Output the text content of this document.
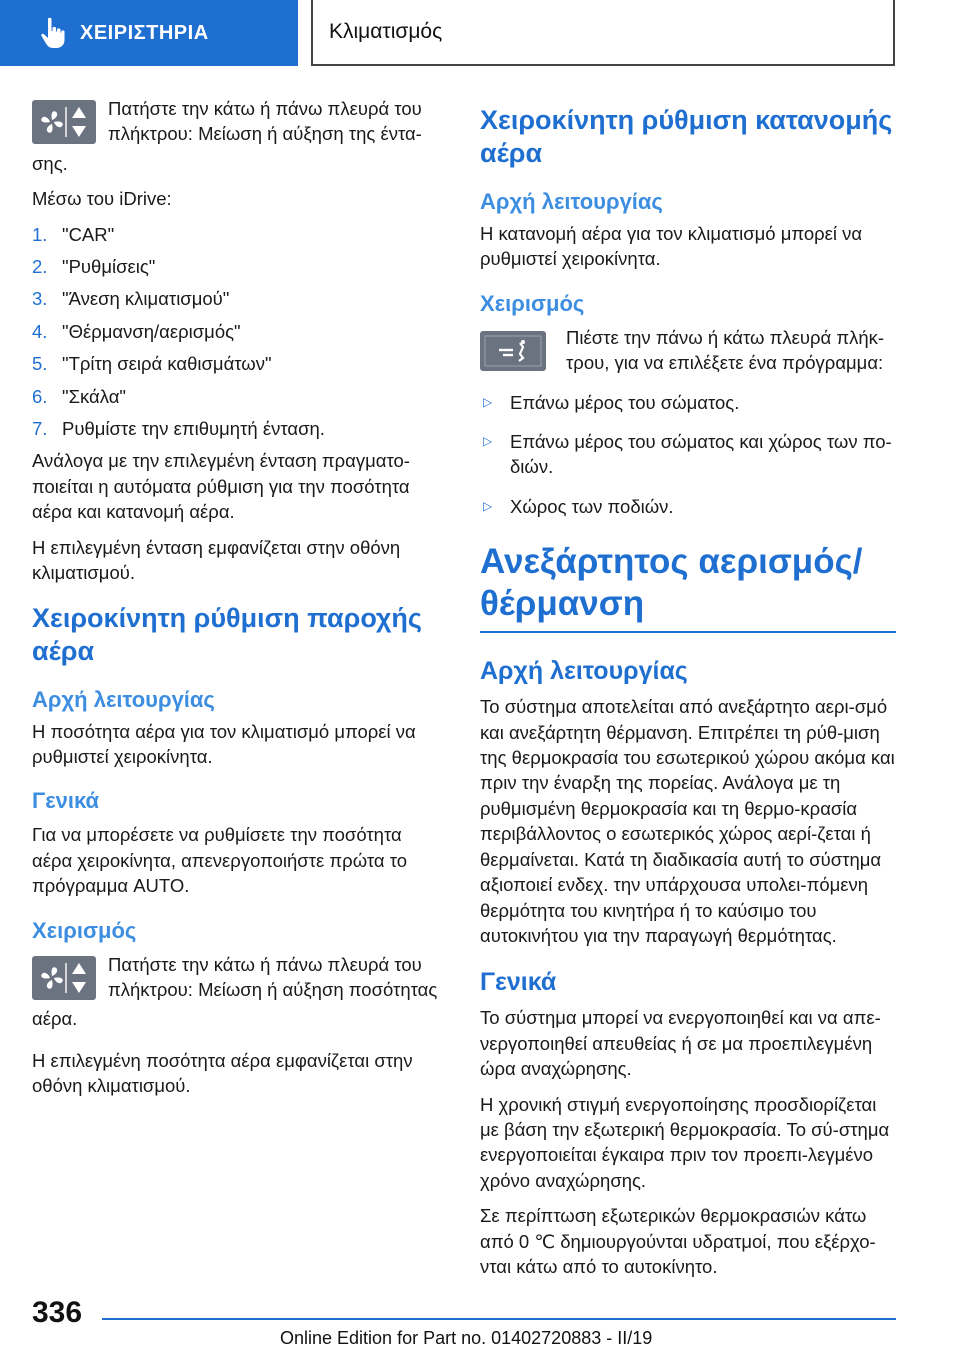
ΧΕΙΡΙΣΤΗΡΙΑ	Κλιματισμός
Πατήστε την κάτω ή πάνω πλευρά του πλήκτρου: Μείωση ή αύξηση της έντα-
σης.

Μέσω του iDrive:

1. "CAR"
2. "Ρυθμίσεις"
3. "Άνεση κλιματισμού"
4. "Θέρμανση/αερισμός"
5. "Τρίτη σειρά καθισμάτων"
6. "Σκάλα"
7. Ρυθμίστε την επιθυμητή ένταση.

Ανάλογα με την επιλεγμένη ένταση πραγματο-ποιείται η αυτόματα ρύθμιση για την ποσότητα αέρα και κατανομή αέρα.

Η επιλεγμένη ένταση εμφανίζεται στην οθόνη κλιματισμού.

Χειροκίνητη ρύθμιση παροχής αέρα
Αρχή λειτουργίας

Η ποσότητα αέρα για τον κλιματισμό μπορεί να ρυθμιστεί χειροκίνητα.

Γενικά

Για να μπορέσετε να ρυθμίσετε την ποσότητα αέρα χειροκίνητα, απενεργοποιήστε πρώτα το πρόγραμμα AUTO.

Χειρισμός
Πατήστε την κάτω ή πάνω πλευρά του πλήκτρου: Μείωση ή αύξηση ποσότητας
αέρα.

Η επιλεγμένη ποσότητα αέρα εμφανίζεται στην οθόνη κλιματισμού.

Χειροκίνητη ρύθμιση κατανομής αέρα
Αρχή λειτουργίας

Η κατανομή αέρα για τον κλιματισμό μπορεί να ρυθμιστεί χειροκίνητα.

Χειρισμός
Πιέστε την πάνω ή κάτω πλευρά πλήκ-τρου, για να επιλέξετε ένα πρόγραμμα:
▷ Επάνω μέρος του σώματος.
▷ Επάνω μέρος του σώματος και χώρος των πο-διών.
▷ Χώρος των ποδιών.
Ανεξάρτητος αερισμός/ θέρμανση
Αρχή λειτουργίας

Το σύστημα αποτελείται από ανεξάρτητο αερι-σμό και ανεξάρτητη θέρμανση. Επιτρέπει τη ρύθ-μιση της θερμοκρασία του εσωτερικού χώρου ακόμα και πριν την έναρξη της πορείας. Ανάλογα με τη ρυθμισμένη θερμοκρασία και τη θερμο-κρασία περιβάλλοντος ο εσωτερικός χώρος αερί-ζεται ή θερμαίνεται. Κατά τη διαδικασία αυτή το σύστημα αξιοποιεί ενδεχ. την υπάρχουσα υπολει-πόμενη θερμότητα του κινητήρα ή το καύσιμο του αυτοκινήτου για την παραγωγή θερμότητας.

Γενικά

Το σύστημα μπορεί να ενεργοποιηθεί και να απε-νεργοποιηθεί απευθείας ή σε μα προεπιλεγμένη ώρα αναχώρησης.

Η χρονική στιγμή ενεργοποίησης προσδιορίζεται με βάση την εξωτερική θερμοκρασία. Το σύ-στημα ενεργοποιείται έγκαιρα πριν τον προεπι-λεγμένο χρόνο αναχώρησης.

Σε περίπτωση εξωτερικών θερμοκρασιών κάτω από 0 ℃ δημιουργούνται υδρατμοί, που εξέρχο-νται κάτω από το αυτοκίνητο.

336
Online Edition for Part no. 01402720883 - II/19
